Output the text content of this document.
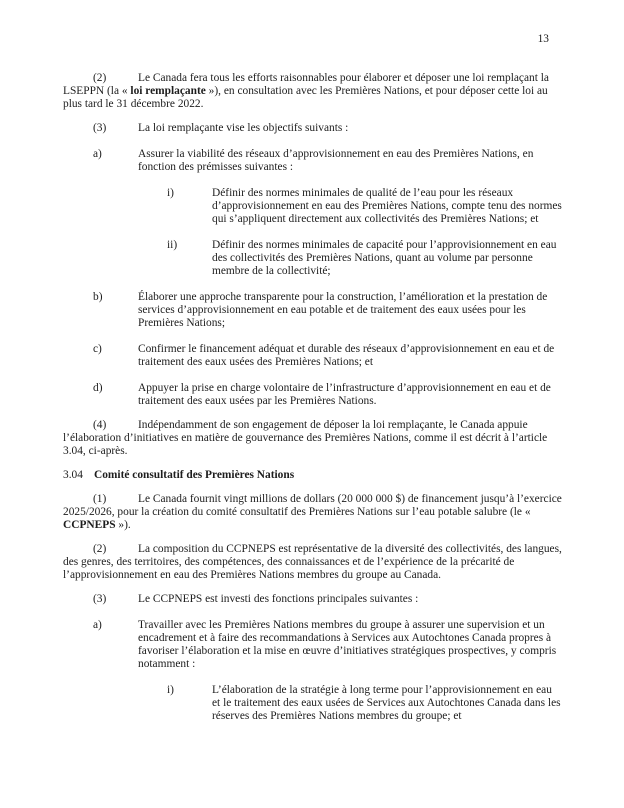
13

(2)	Le Canada fera tous les efforts raisonnables pour élaborer et déposer une loi remplaçant la LSEPPN (la « loi remplaçante »), en consultation avec les Premières Nations, et pour déposer cette loi au plus tard le 31 décembre 2022.

(3)	La loi remplaçante vise les objectifs suivants :

a)	Assurer la viabilité des réseaux d’approvisionnement en eau des Premières Nations, en fonction des prémisses suivantes :

i)	Définir des normes minimales de qualité de l’eau pour les réseaux d’approvisionnement en eau des Premières Nations, compte tenu des normes qui s’appliquent directement aux collectivités des Premières Nations; et

ii)	Définir des normes minimales de capacité pour l’approvisionnement en eau des collectivités des Premières Nations, quant au volume par personne membre de la collectivité;

b)	Élaborer une approche transparente pour la construction, l’amélioration et la prestation de services d’approvisionnement en eau potable et de traitement des eaux usées pour les Premières Nations;

c)	Confirmer le financement adéquat et durable des réseaux d’approvisionnement en eau et de traitement des eaux usées des Premières Nations; et

d)	Appuyer la prise en charge volontaire de l’infrastructure d’approvisionnement en eau et de traitement des eaux usées par les Premières Nations.

(4)	Indépendamment de son engagement de déposer la loi remplaçante, le Canada appuie l’élaboration d’initiatives en matière de gouvernance des Premières Nations, comme il est décrit à l’article 3.04, ci-après.

3.04 Comité consultatif des Premières Nations

(1)	Le Canada fournit vingt millions de dollars (20 000 000 $) de financement jusqu’à l’exercice 2025/2026, pour la création du comité consultatif des Premières Nations sur l’eau potable salubre (le « CCPNEPS »).

(2)	La composition du CCPNEPS est représentative de la diversité des collectivités, des langues, des genres, des territoires, des compétences, des connaissances et de l’expérience de la précarité de l’approvisionnement en eau des Premières Nations membres du groupe au Canada.

(3)	Le CCPNEPS est investi des fonctions principales suivantes :

a)	Travailler avec les Premières Nations membres du groupe à assurer une supervision et un encadrement et à faire des recommandations à Services aux Autochtones Canada propres à favoriser l’élaboration et la mise en œuvre d’initiatives stratégiques prospectives, y compris notamment :

i)	L’élaboration de la stratégie à long terme pour l’approvisionnement en eau et le traitement des eaux usées de Services aux Autochtones Canada dans les réserves des Premières Nations membres du groupe; et
